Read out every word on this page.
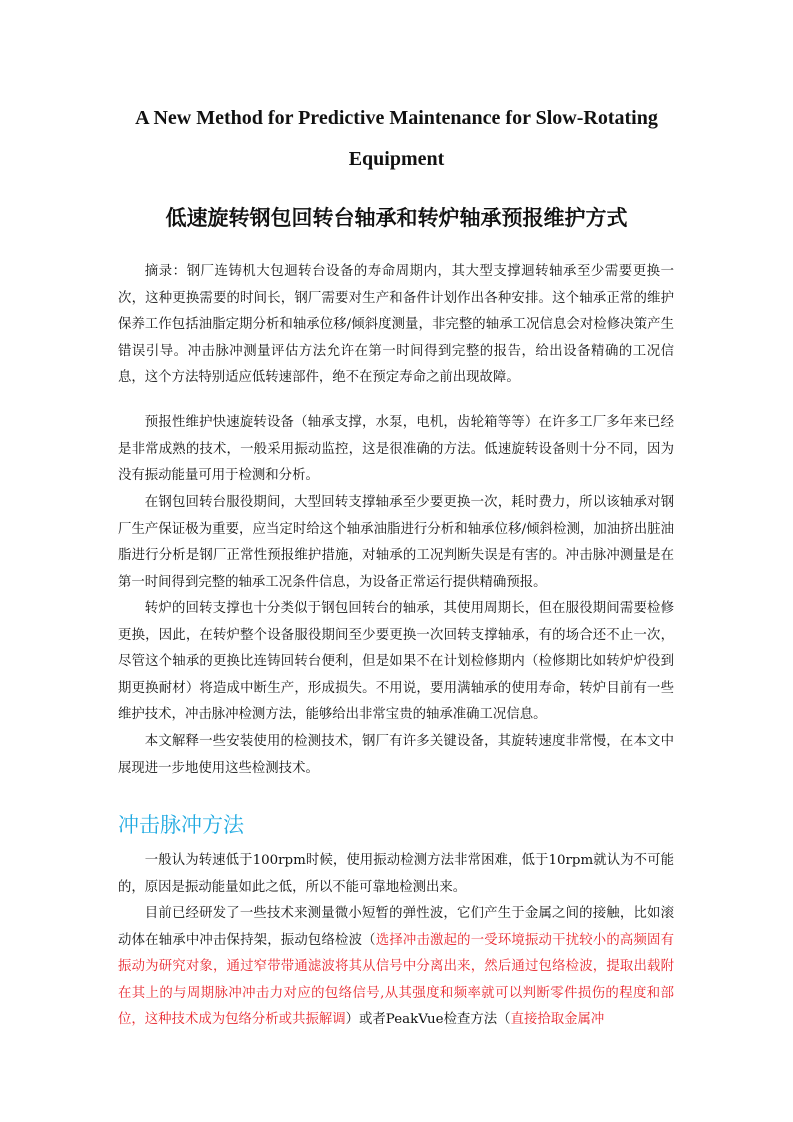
A New Method for Predictive Maintenance for Slow-Rotating
Equipment
低速旋转钢包回转台轴承和转炉轴承预报维护方式

摘录：钢厂连铸机大包迴转台设备的寿命周期内，其大型支撑迴转轴承至少需要更换一次，这种更换需要的时间长，钢厂需要对生产和备件计划作出各种安排。这个轴承正常的维护保养工作包括油脂定期分析和轴承位移/倾斜度测量，非完整的轴承工况信息会对检修决策产生错误引导。冲击脉冲测量评估方法允许在第一时间得到完整的报告，给出设备精确的工况信息，这个方法特别适应低转速部件，绝不在预定寿命之前出现故障。

预报性维护快速旋转设备（轴承支撑，水泵，电机，齿轮箱等等）在许多工厂多年来已经是非常成熟的技术，一般采用振动监控，这是很准确的方法。低速旋转设备则十分不同，因为没有振动能量可用于检测和分析。

在钢包回转台服役期间，大型回转支撑轴承至少要更换一次，耗时费力，所以该轴承对钢厂生产保证极为重要，应当定时给这个轴承油脂进行分析和轴承位移/倾斜检测，加油挤出脏油脂进行分析是钢厂正常性预报维护措施，对轴承的工况判断失误是有害的。冲击脉冲测量是在第一时间得到完整的轴承工况条件信息，为设备正常运行提供精确预报。

转炉的回转支撑也十分类似于钢包回转台的轴承，其使用周期长，但在服役期间需要检修更换，因此，在转炉整个设备服役期间至少要更换一次回转支撑轴承，有的场合还不止一次，尽管这个轴承的更换比连铸回转台便利，但是如果不在计划检修期内（检修期比如转炉炉役到期更换耐材）将造成中断生产，形成损失。不用说，要用满轴承的使用寿命，转炉目前有一些维护技术，冲击脉冲检测方法，能够给出非常宝贵的轴承准确工况信息。

本文解释一些安装使用的检测技术，钢厂有许多关键设备，其旋转速度非常慢，在本文中展现进一步地使用这些检测技术。

冲击脉冲方法

一般认为转速低于100rpm时候，使用振动检测方法非常困难，低于10rpm就认为不可能的，原因是振动能量如此之低，所以不能可靠地检测出来。

目前已经研发了一些技术来测量微小短暂的弹性波，它们产生于金属之间的接触，比如滚动体在轴承中冲击保持架，振动包络检波（选择冲击激起的一受环境振动干扰较小的高频固有振动为研究对象，通过窄带带通滤波将其从信号中分离出来，然后通过包络检波，提取出载附在其上的与周期脉冲冲击力对应的包络信号,从其强度和频率就可以判断零件损伤的程度和部位，这种技术成为包络分析或共振解调）或者PeakVue检查方法（直接拾取金属冲
